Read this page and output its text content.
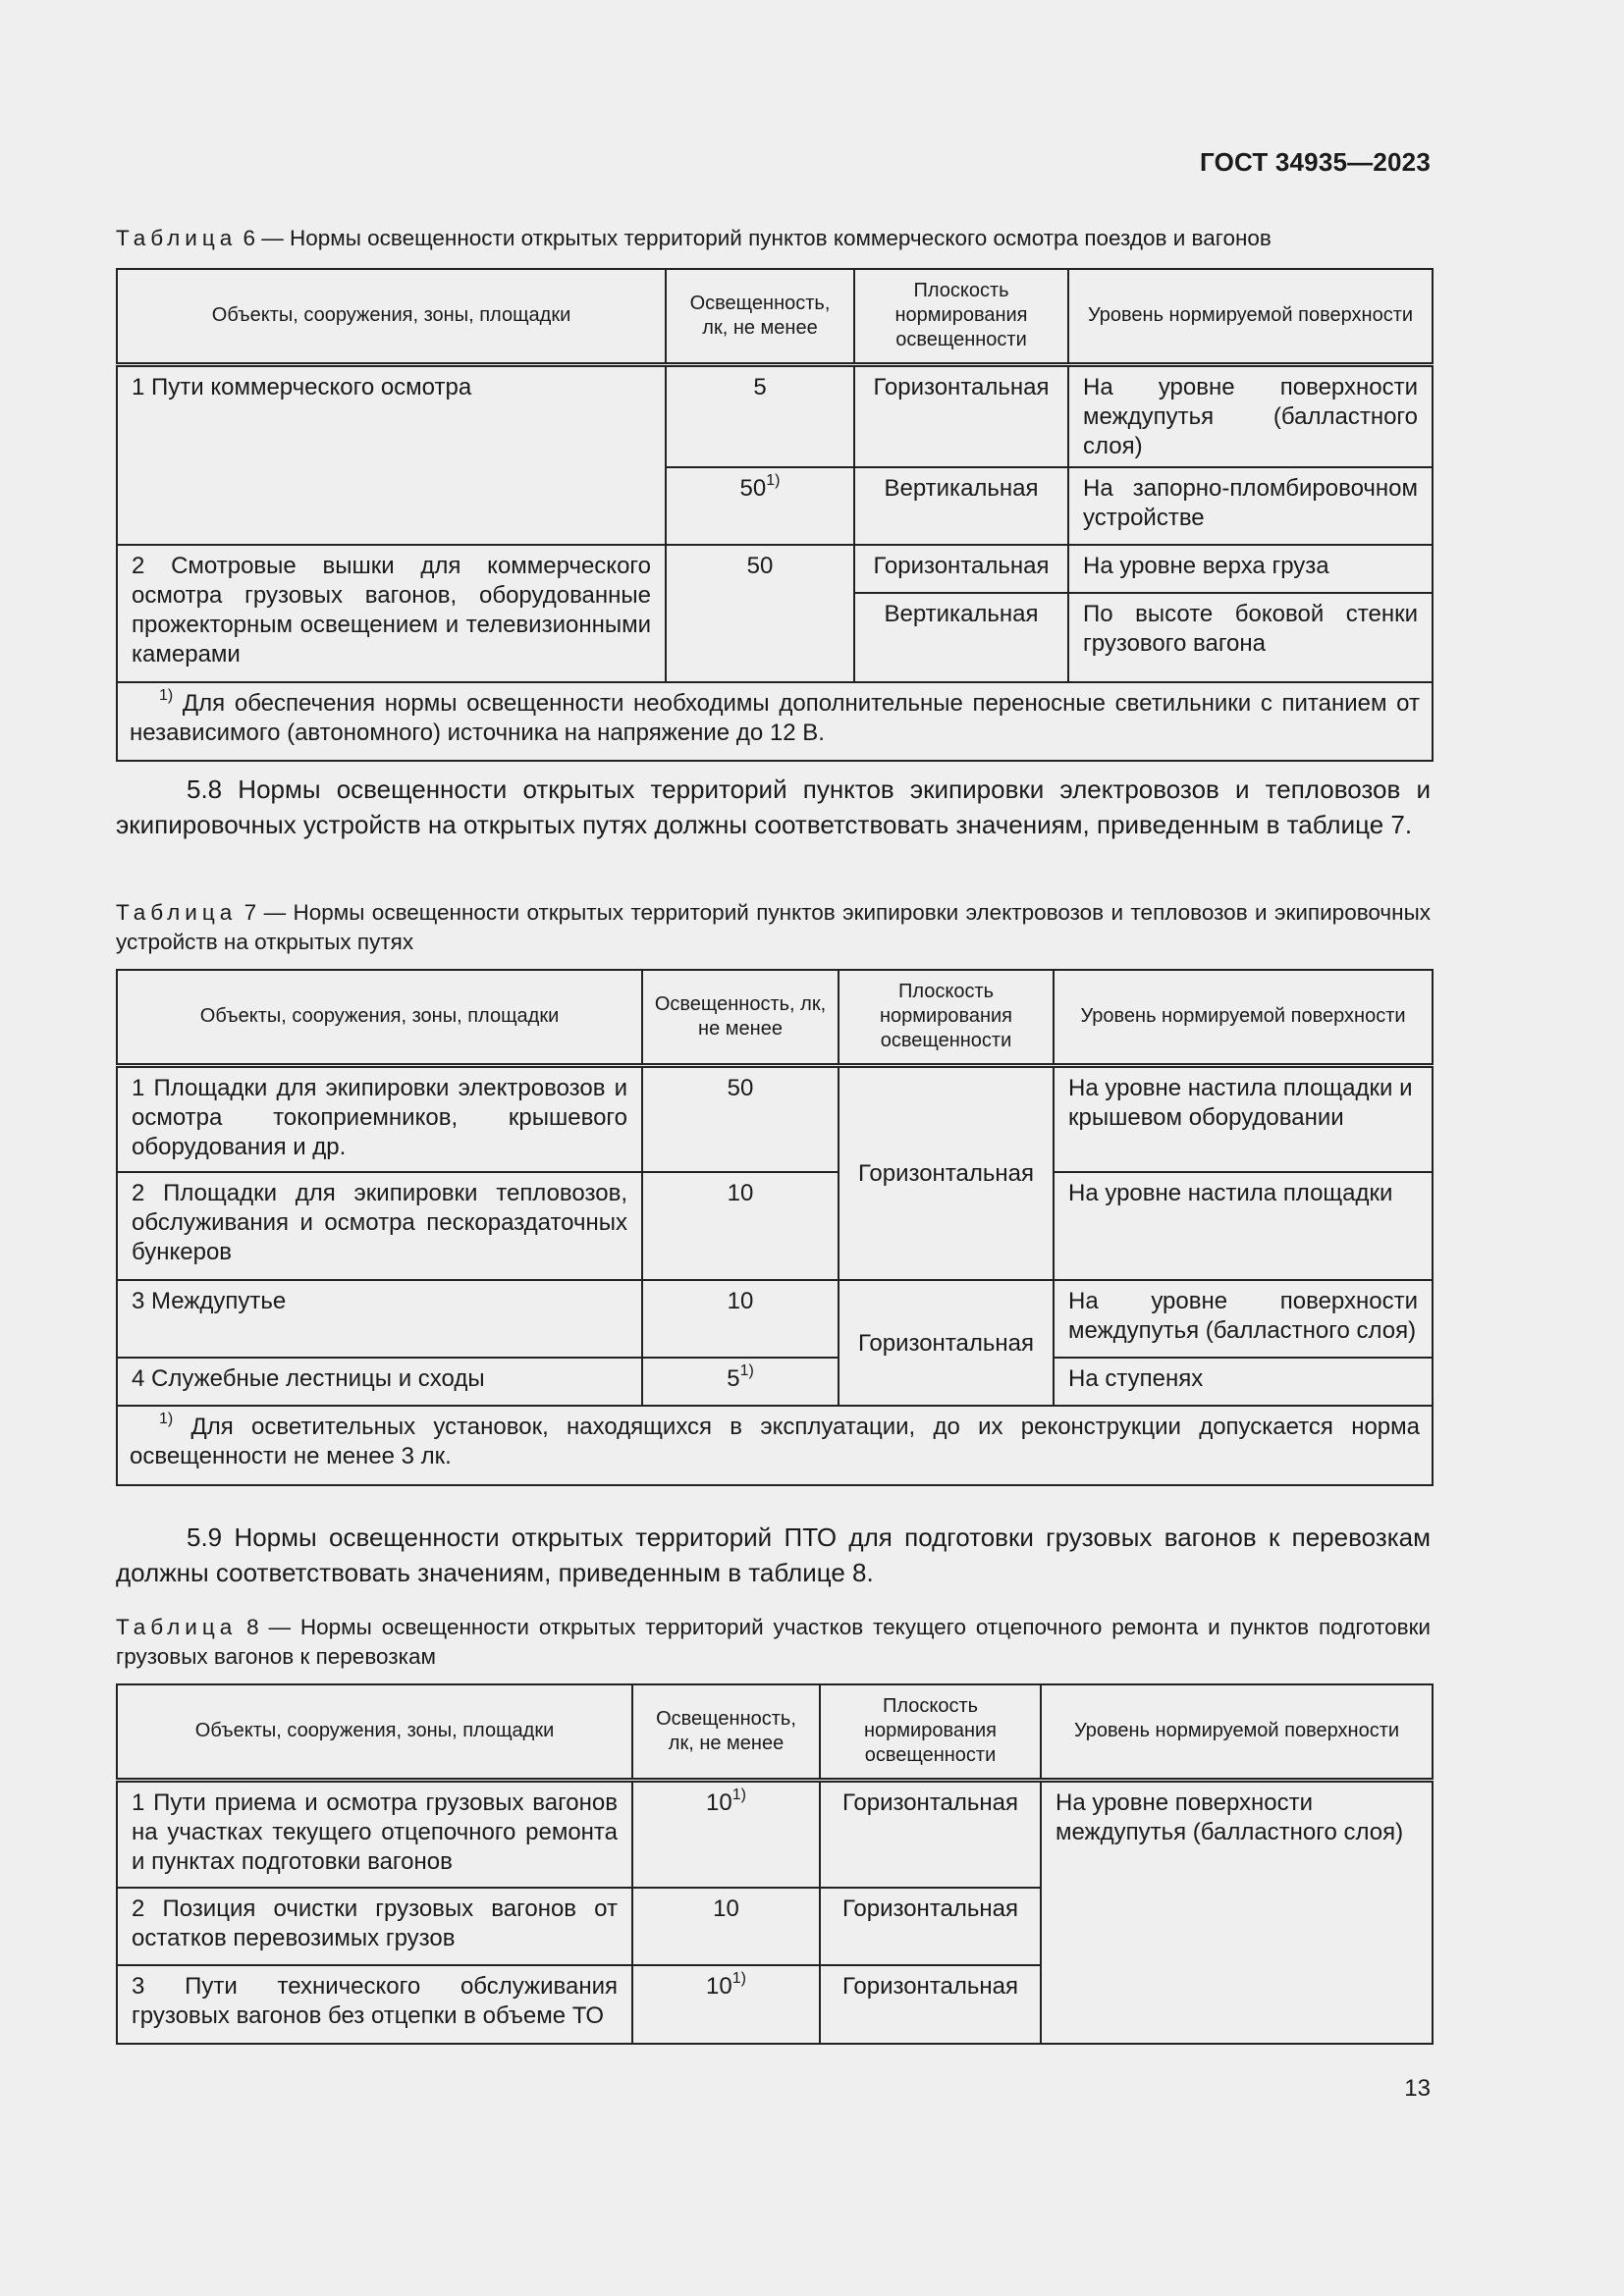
ГОСТ 34935—2023
Таблица 6 — Нормы освещенности открытых территорий пунктов коммерческого осмотра поездов и вагонов
Объекты, сооружения, зоны, площадки	Освещенность, лк, не менее	Плоскость нормирования освещенности	Уровень нормируемой поверхности
1 Пути коммерческого осмотра	5	Горизонтальная	На уровне поверхности междупутья (балластного слоя)
	50$^{1)}$	Вертикальная	На запорно-пломбировочном устройстве
2 Смотровые вышки для коммерческого осмотра грузовых вагонов, оборудованные прожекторным освещением и телевизионными камерами	50	Горизонтальная	На уровне верха груза
		Вертикальная	По высоте боковой стенки грузового вагона
$^{1)}$ Для обеспечения нормы освещенности необходимы дополнительные переносные светильники с питанием от независимого (автономного) источника на напряжение до 12 В.			
5.8 Нормы освещенности открытых территорий пунктов экипировки электровозов и тепловозов и экипировочных устройств на открытых путях должны соответствовать значениям, приведенным в таблице 7.
Таблица 7 — Нормы освещенности открытых территорий пунктов экипировки электровозов и тепловозов и экипировочных устройств на открытых путях
Объекты, сооружения, зоны, площадки	Освещенность, лк, не менее	Плоскость нормирования освещенности	Уровень нормируемой поверхности
1 Площадки для экипировки электровозов и осмотра токоприемников, крышевого оборудования и др.	50	Горизонтальная	На уровне настила площадки и крышевом оборудовании
2 Площадки для экипировки тепловозов, обслуживания и осмотра пескораздаточных бункеров	10		На уровне настила площадки
3 Междупутье	10	Горизонтальная	На уровне поверхности междупутья (балластного слоя)
4 Служебные лестницы и сходы	5$^{1)}$		На ступенях
$^{1)}$ Для осветительных установок, находящихся в эксплуатации, до их реконструкции допускается норма освещенности не менее 3 лк.			
5.9 Нормы освещенности открытых территорий ПТО для подготовки грузовых вагонов к перевозкам должны соответствовать значениям, приведенным в таблице 8.
Таблица 8 — Нормы освещенности открытых территорий участков текущего отцепочного ремонта и пунктов подготовки грузовых вагонов к перевозкам
Объекты, сооружения, зоны, площадки	Освещенность, лк, не менее	Плоскость нормирования освещенности	Уровень нормируемой поверхности
1 Пути приема и осмотра грузовых вагонов на участках текущего отцепочного ремонта и пунктах подготовки вагонов	10$^{1)}$	Горизонтальная	На уровне поверхности междупутья (балластного слоя)
2 Позиция очистки грузовых вагонов от остатков перевозимых грузов	10	Горизонтальная	
3 Пути технического обслуживания грузовых вагонов без отцепки в объеме ТО	10$^{1)}$	Горизонтальная	
13
